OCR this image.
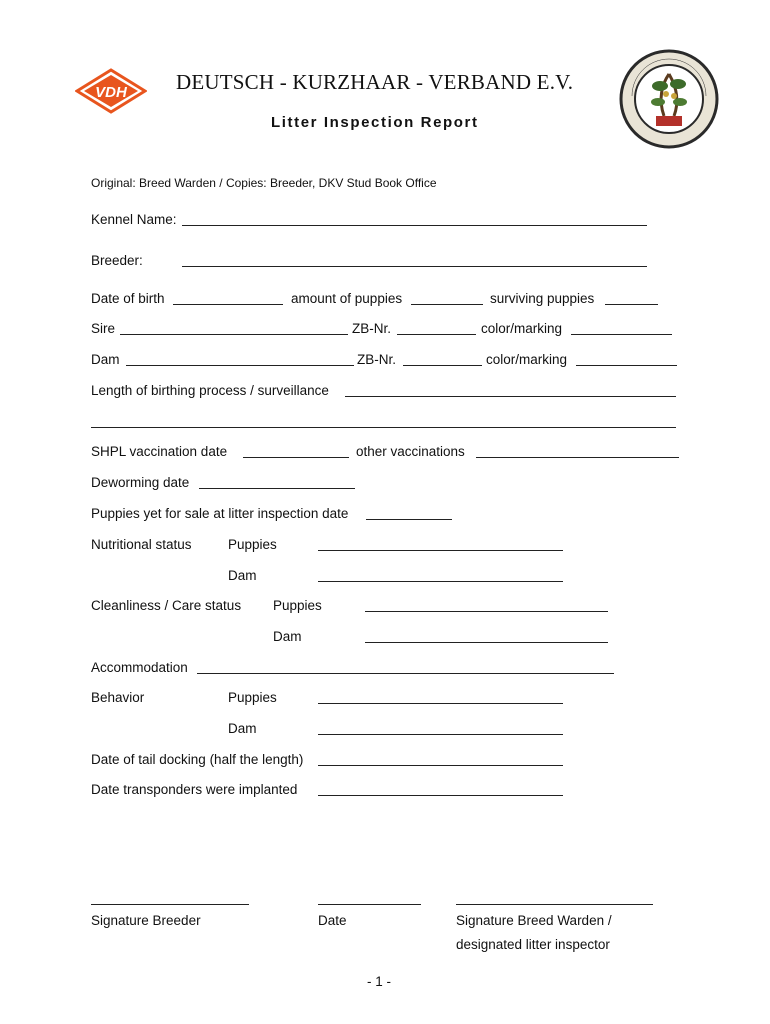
VDH DEUTSCH - KURZHAAR - VERBAND E.V.
Litter Inspection Report
Original: Breed Warden / Copies: Breeder, DKV Stud Book Office
Kennel Name:
Breeder:
Date of birth	amount of puppies	surviving puppies
Sire	ZB-Nr.	color/marking
Dam	ZB-Nr.	color/marking
Length of birthing process / surveillance
SHPL vaccination date	other vaccinations
Deworming date
Puppies yet for sale at litter inspection date
Nutritional status	Puppies
Dam
Cleanliness / Care status Puppies
Dam
Accommodation
Behavior	Puppies
Dam
Date of tail docking (half the length)
Date transponders were implanted
Signature Breeder	Date	Signature Breed Warden /
designated litter inspector
- 1 -
